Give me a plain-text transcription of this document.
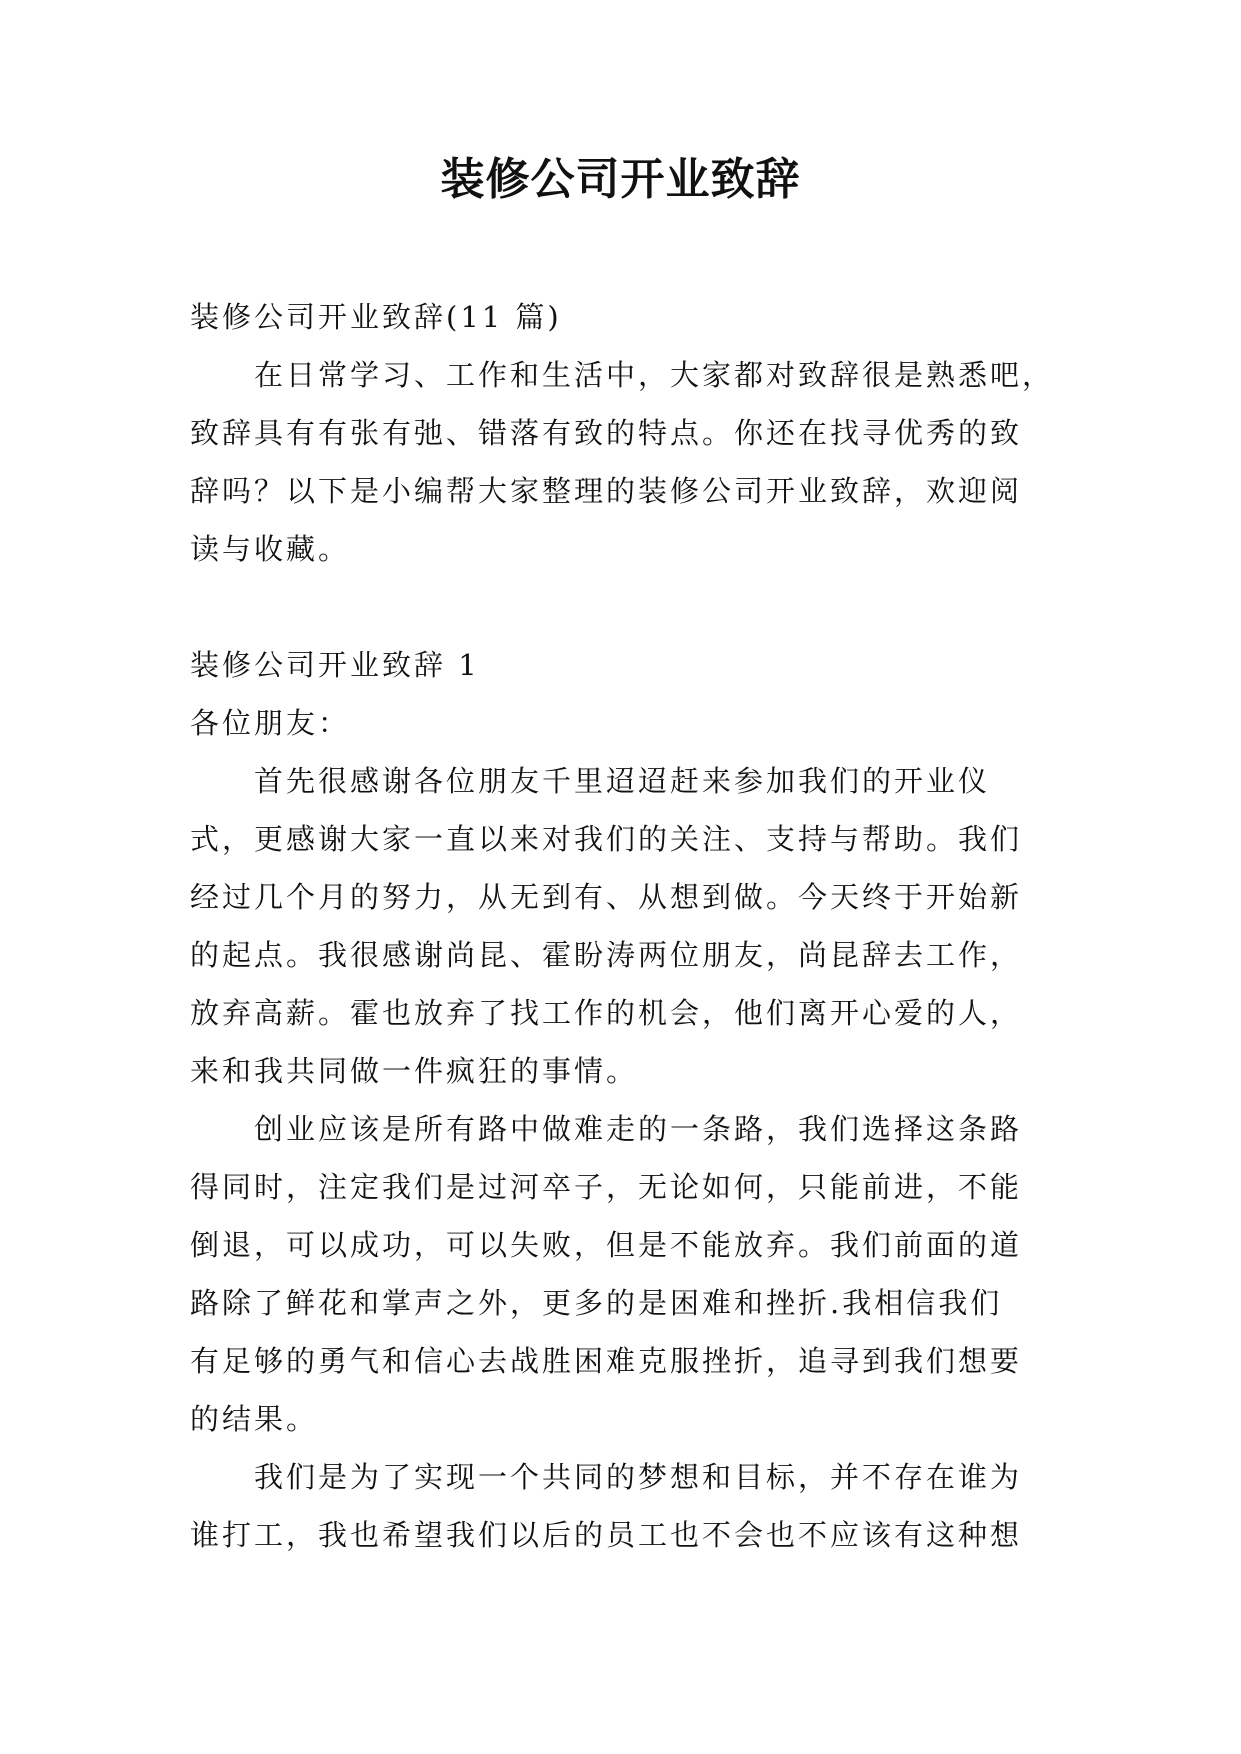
装修公司开业致辞
装修公司开业致辞(11 篇)
在日常学习、工作和生活中，大家都对致辞很是熟悉吧，
致辞具有有张有弛、错落有致的特点。你还在找寻优秀的致
辞吗？以下是小编帮大家整理的装修公司开业致辞，欢迎阅
读与收藏。
装修公司开业致辞 1
各位朋友：
首先很感谢各位朋友千里迢迢赶来参加我们的开业仪
式，更感谢大家一直以来对我们的关注、支持与帮助。我们
经过几个月的努力，从无到有、从想到做。今天终于开始新
的起点。我很感谢尚昆、霍盼涛两位朋友，尚昆辞去工作，
放弃高薪。霍也放弃了找工作的机会，他们离开心爱的人，
来和我共同做一件疯狂的事情。
创业应该是所有路中做难走的一条路，我们选择这条路
得同时，注定我们是过河卒子，无论如何，只能前进，不能
倒退，可以成功，可以失败，但是不能放弃。我们前面的道
路除了鲜花和掌声之外，更多的是困难和挫折.我相信我们
有足够的勇气和信心去战胜困难克服挫折，追寻到我们想要
的结果。
我们是为了实现一个共同的梦想和目标，并不存在谁为
谁打工，我也希望我们以后的员工也不会也不应该有这种想
